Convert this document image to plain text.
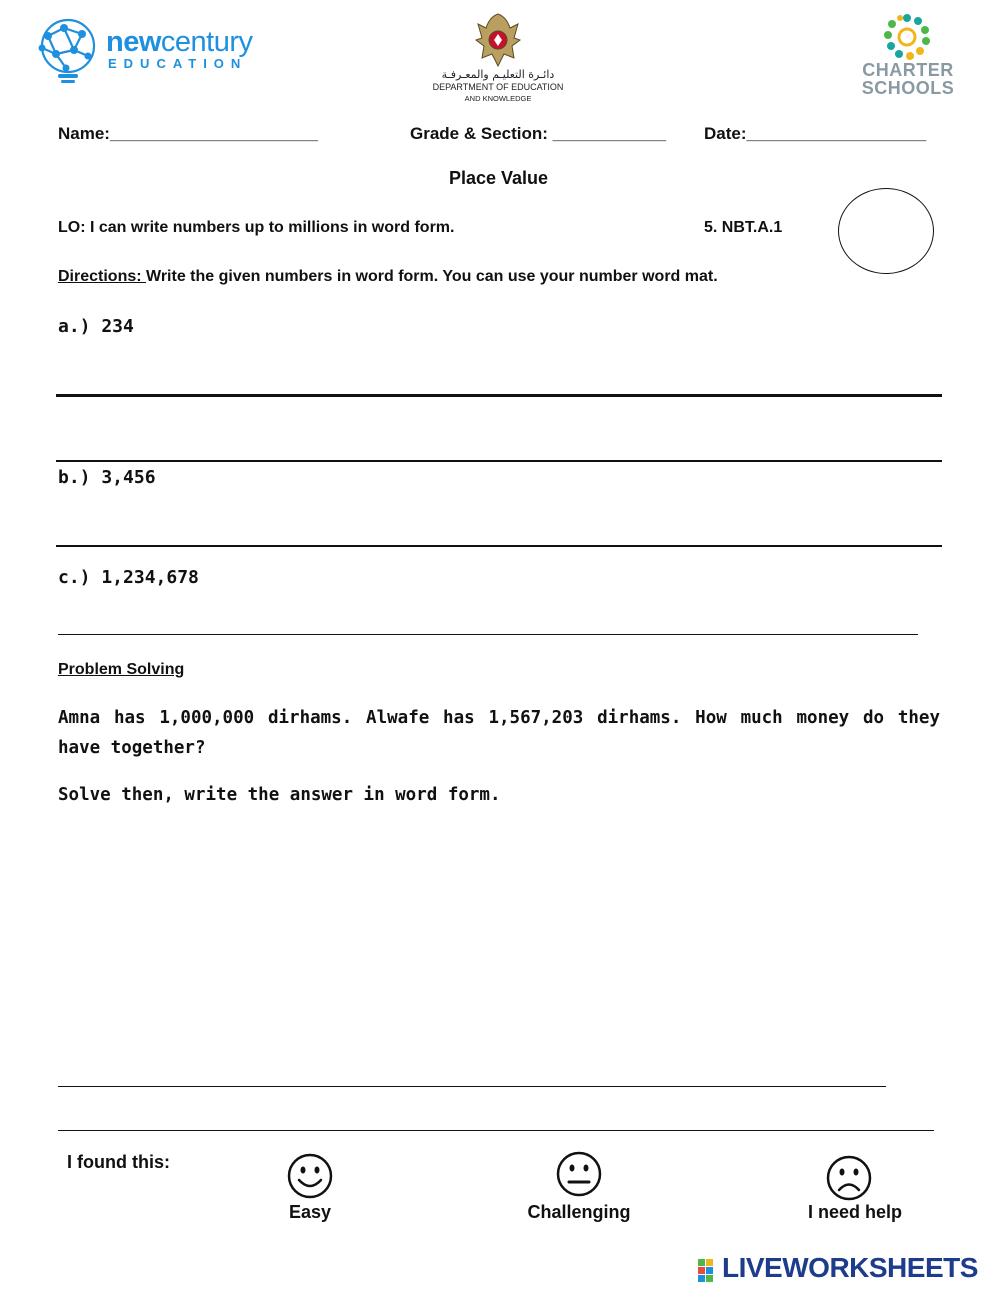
newcentury
EDUCATION
دائـرة التعليـم والمعـرفـة
DEPARTMENT OF EDUCATION
AND KNOWLEDGE
CHARTER
SCHOOLS
Name:______________________	Grade & Section: ____________ Date:___________________
Place Value
LO: I can write numbers up to millions in word form.	5. NBT.A.1
Directions: Write the given numbers in word form. You can use your number word mat.
a.) 234
b.) 3,456
c.) 1,234,678
Problem Solving
Amna has 1,000,000 dirhams. Alwafe has 1,567,203 dirhams. How much money do they have together?
Solve then, write the answer in word form.
I found this:
Easy	Challenging	I need help
LIVEWORKSHEETS
